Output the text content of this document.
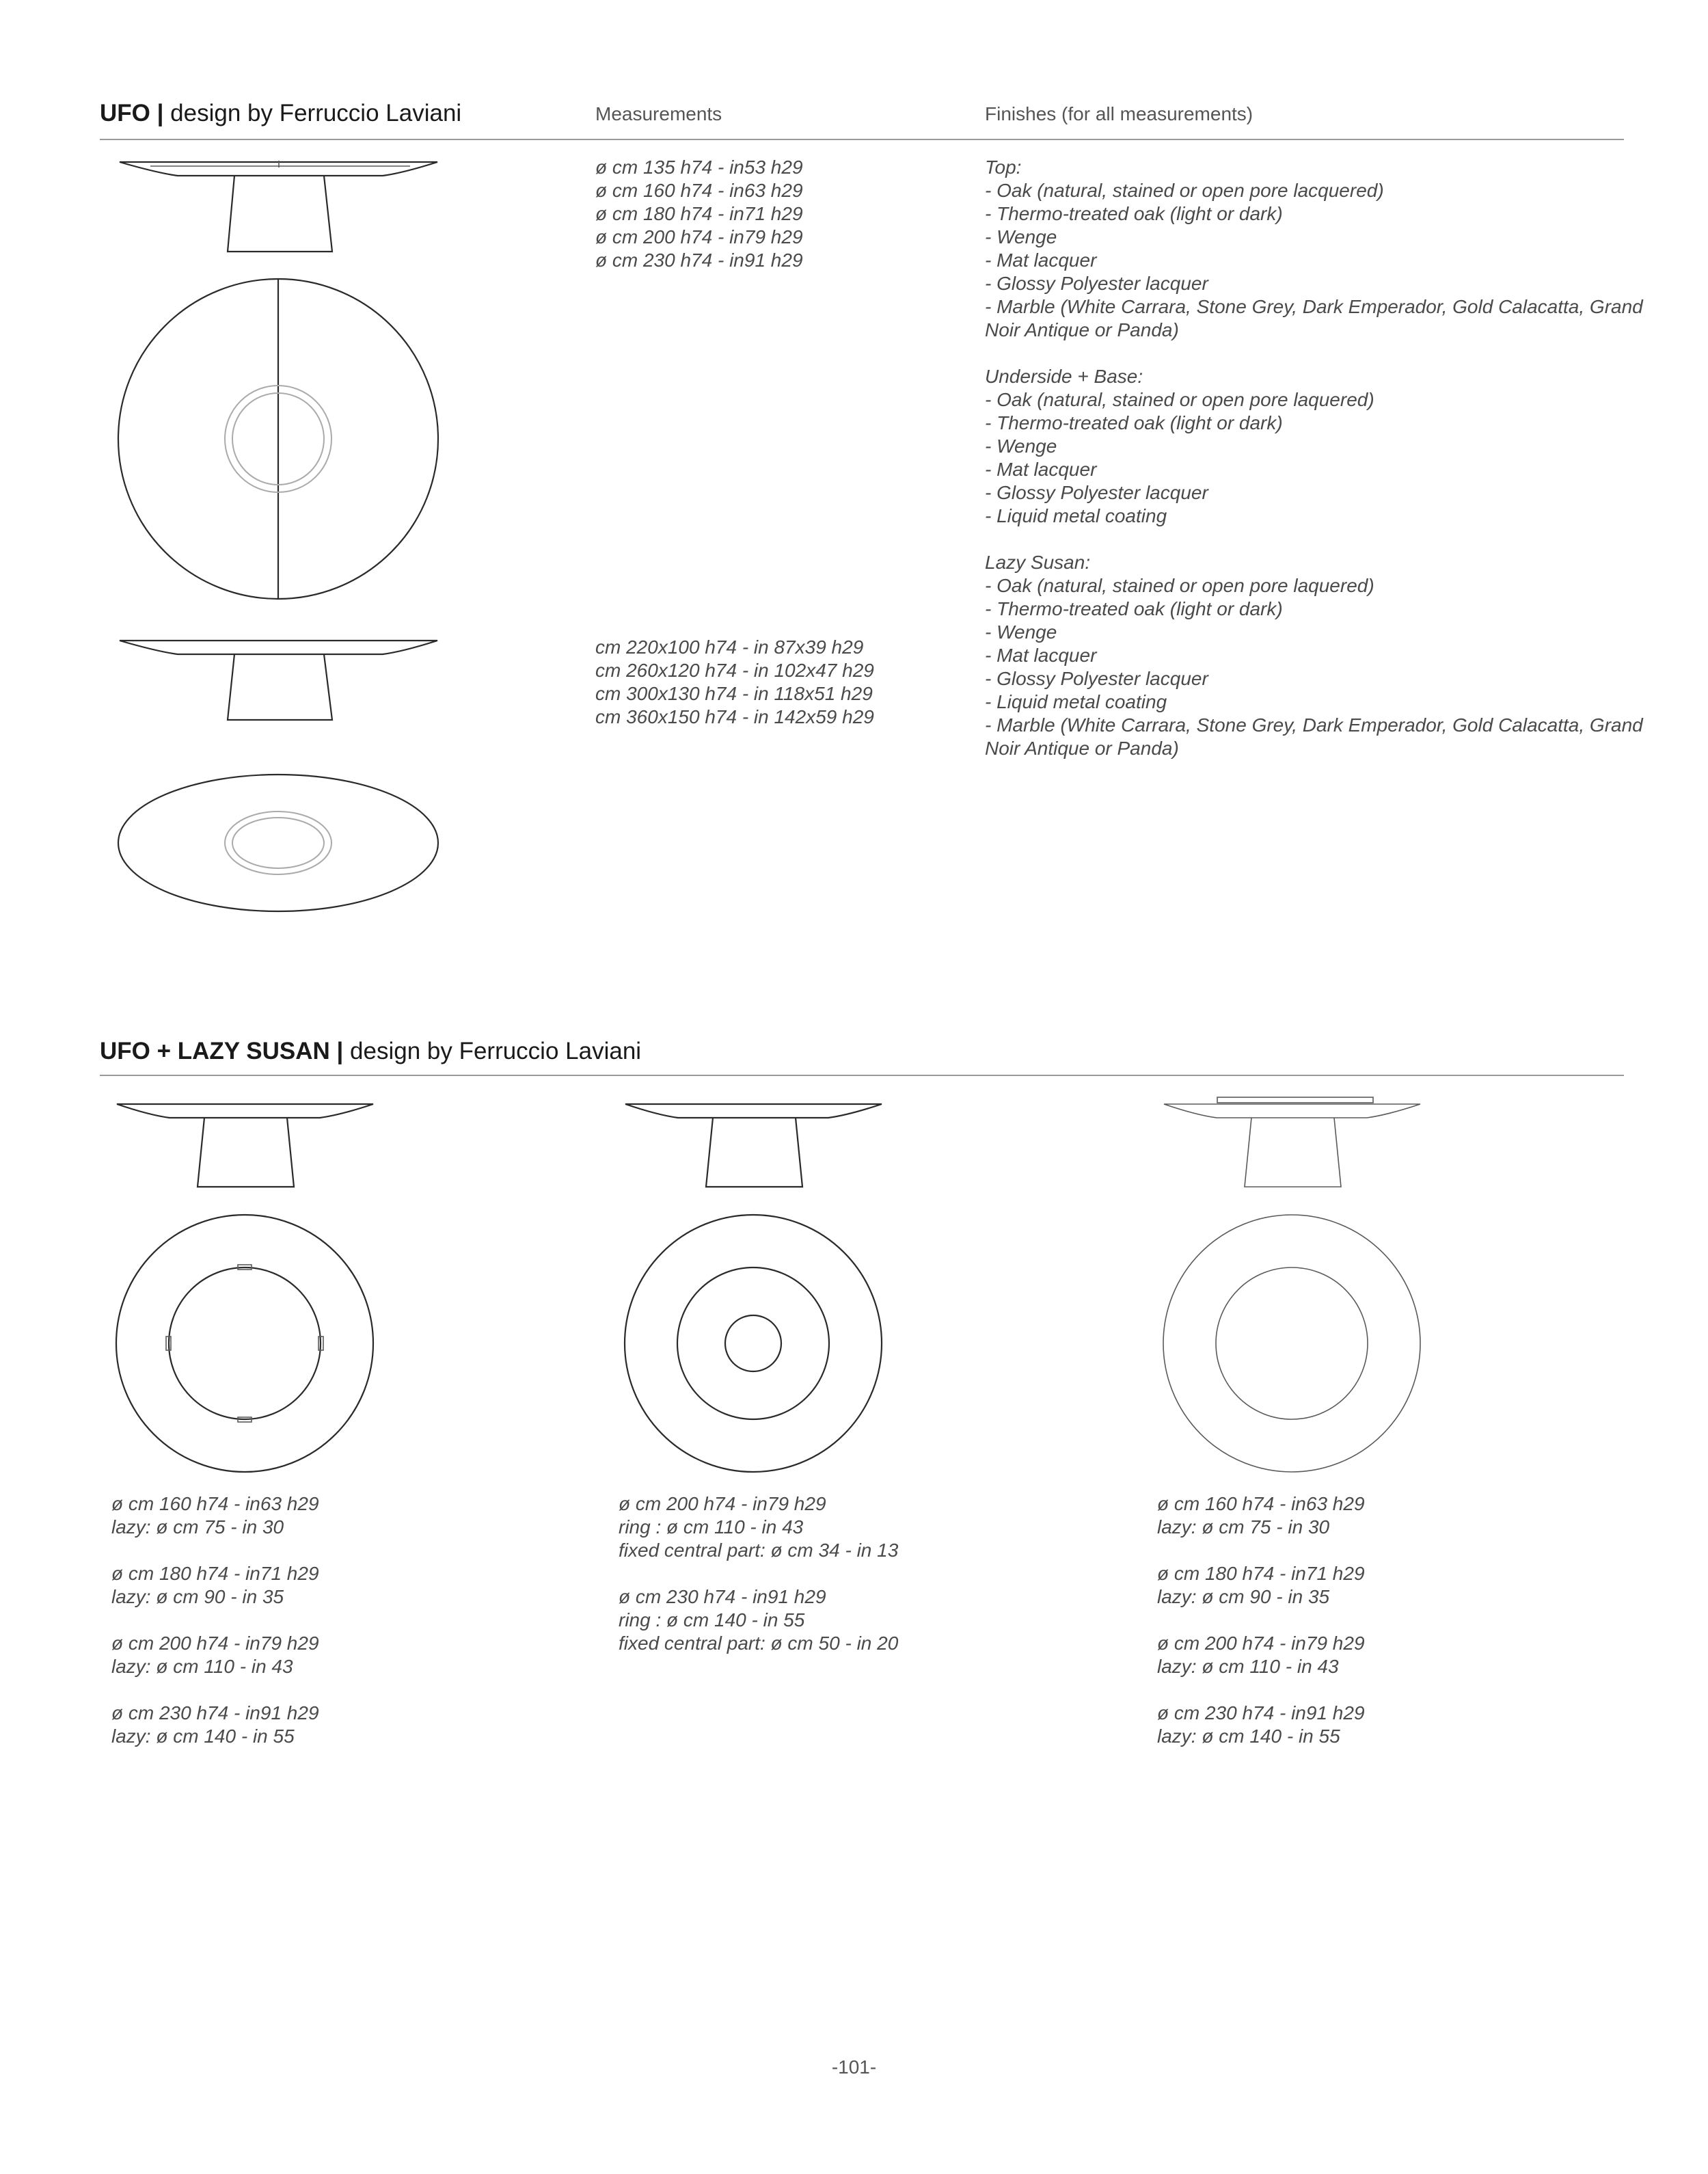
UFO | design by Ferruccio Laviani	Measurements	Finishes (for all measurements)
ø cm 135 h74 - in53 h29
ø cm 160 h74 - in63 h29
ø cm 180 h74 - in71 h29
ø cm 200 h74 - in79 h29
ø cm 230 h74 - in91 h29
cm 220x100 h74 - in 87x39 h29
cm 260x120 h74 - in 102x47 h29
cm 300x130 h74 - in 118x51 h29
cm 360x150 h74 - in 142x59 h29
Top:
- Oak (natural, stained or open pore lacquered)
- Thermo-treated oak (light or dark)
- Wenge
- Mat lacquer
- Glossy Polyester lacquer
- Marble (White Carrara, Stone Grey, Dark Emperador, Gold Calacatta, Grand
Noir Antique or Panda)
Underside + Base:
- Oak (natural, stained or open pore laquered)
- Thermo-treated oak (light or dark)
- Wenge
- Mat lacquer
- Glossy Polyester lacquer
- Liquid metal coating
Lazy Susan:
- Oak (natural, stained or open pore laquered)
- Thermo-treated oak (light or dark)
- Wenge
- Mat lacquer
- Glossy Polyester lacquer
- Liquid metal coating
- Marble (White Carrara, Stone Grey, Dark Emperador, Gold Calacatta, Grand
Noir Antique or Panda)
UFO + LAZY SUSAN | design by Ferruccio Laviani
ø cm 160 h74 - in63 h29
lazy: ø cm 75 - in 30
ø cm 180 h74 - in71 h29
lazy: ø cm 90 - in 35
ø cm 200 h74 - in79 h29
lazy: ø cm 110 - in 43
ø cm 230 h74 - in91 h29
lazy: ø cm 140 - in 55
ø cm 200 h74 - in79 h29
ring : ø cm 110 - in 43
fixed central part: ø cm 34 - in 13
ø cm 230 h74 - in91 h29
ring : ø cm 140 - in 55
fixed central part: ø cm 50 - in 20
ø cm 160 h74 - in63 h29
lazy: ø cm 75 - in 30
ø cm 180 h74 - in71 h29
lazy: ø cm 90 - in 35
ø cm 200 h74 - in79 h29
lazy: ø cm 110 - in 43
ø cm 230 h74 - in91 h29
lazy: ø cm 140 - in 55
-101-
